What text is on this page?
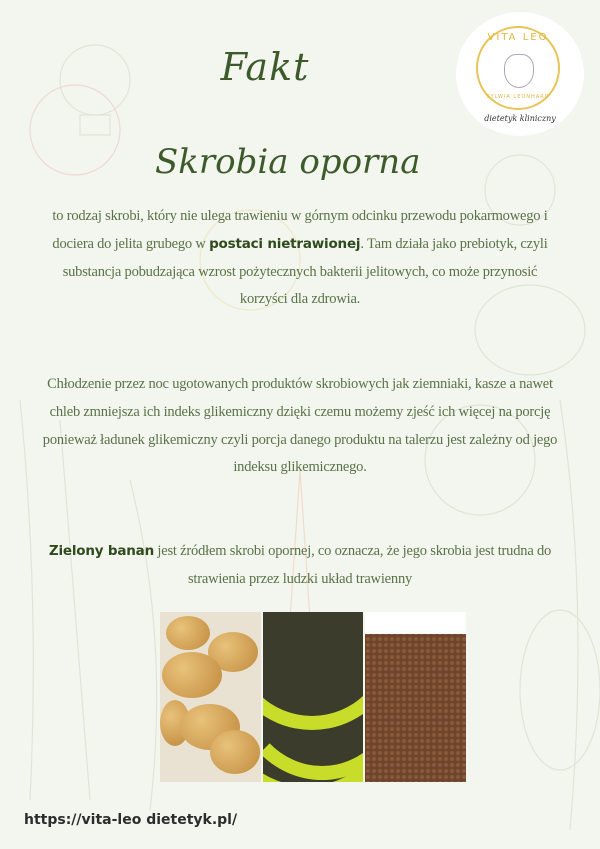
Fakt
Skrobia oporna
VITA LEO
SYLWIA LEONHARD
dietetyk kliniczny
to rodzaj skrobi, który nie ulega trawieniu w górnym odcinku przewodu pokarmowego i dociera do jelita grubego w postaci nietrawionej. Tam działa jako prebiotyk, czyli substancja pobudzająca wzrost pożytecznych bakterii jelitowych, co może przynosić korzyści dla zdrowia.
Chłodzenie przez noc ugotowanych produktów skrobiowych jak ziemniaki, kasze a nawet chleb zmniejsza ich indeks glikemiczny dzięki czemu możemy zjeść ich więcej na porcję ponieważ ładunek glikemiczny czyli porcja danego produktu na talerzu jest zależny od jego indeksu glikemicznego.
Zielony banan jest źródłem skrobi opornej, co oznacza, że jego skrobia jest trudna do strawienia przez ludzki układ trawienny
https://vita-leo dietetyk.pl/
